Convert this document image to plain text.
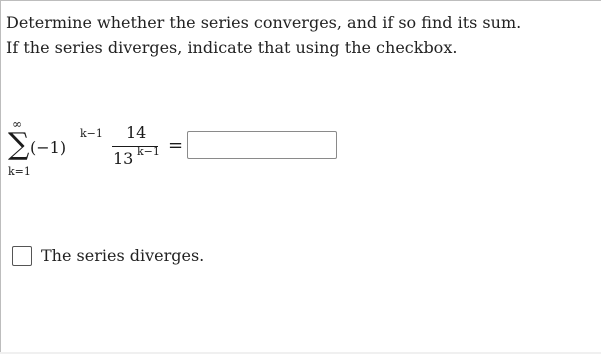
Determine whether the series converges, and if so find its sum.
If the series diverges, indicate that using the checkbox.
∞
∑
k=1
(−1)
k−1 14
13 k−1 =
The series diverges.
